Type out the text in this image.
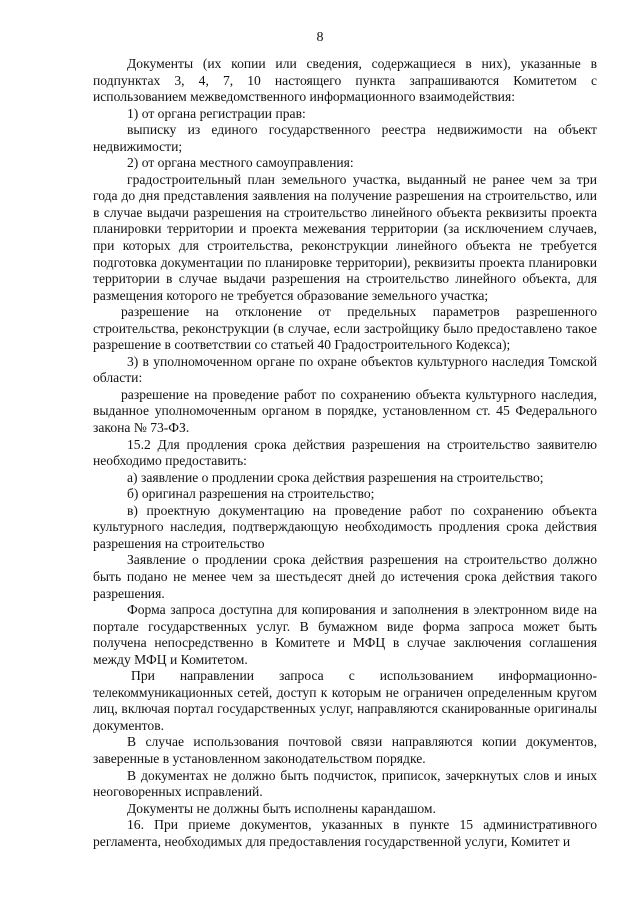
8

Документы (их копии или сведения, содержащиеся в них), указанные в подпунктах 3, 4, 7, 10 настоящего пункта запрашиваются Комитетом с использованием межведомственного информационного взаимодействия:

1) от органа регистрации прав:

выписку из единого государственного реестра недвижимости на объект недвижимости;

2) от органа местного самоуправления:

градостроительный план земельного участка, выданный не ранее чем за три года до дня представления заявления на получение разрешения на строительство, или в случае выдачи разрешения на строительство линейного объекта реквизиты проекта планировки территории и проекта межевания территории (за исключением случаев, при которых для строительства, реконструкции линейного объекта не требуется подготовка документации по планировке территории), реквизиты проекта планировки территории в случае выдачи разрешения на строительство линейного объекта, для размещения которого не требуется образование земельного участка;

разрешение на отклонение от предельных параметров разрешенного строительства, реконструкции (в случае, если застройщику было предоставлено такое разрешение в соответствии со статьей 40 Градостроительного Кодекса);

3) в уполномоченном органе по охране объектов культурного наследия Томской области:

разрешение на проведение работ по сохранению объекта культурного наследия, выданное уполномоченным органом в порядке, установленном ст. 45 Федерального закона № 73-ФЗ.

15.2 Для продления срока действия разрешения на строительство заявителю необходимо предоставить:

а) заявление о продлении срока действия разрешения на строительство;

б) оригинал разрешения на строительство;

в) проектную документацию на проведение работ по сохранению объекта культурного наследия, подтверждающую необходимость продления срока действия разрешения на строительство

Заявление о продлении срока действия разрешения на строительство должно быть подано не менее чем за шестьдесят дней до истечения срока действия такого разрешения.

Форма запроса доступна для копирования и заполнения в электронном виде на портале государственных услуг. В бумажном виде форма запроса может быть получена непосредственно в Комитете и МФЦ в случае заключения соглашения между МФЦ и Комитетом.

При направлении запроса с использованием информационно-телекоммуникационных сетей, доступ к которым не ограничен определенным кругом лиц, включая портал государственных услуг, направляются сканированные оригиналы документов.

В случае использования почтовой связи направляются копии документов, заверенные в установленном законодательством порядке.

В документах не должно быть подчисток, приписок, зачеркнутых слов и иных неоговоренных исправлений.

Документы не должны быть исполнены карандашом.

16. При приеме документов, указанных в пункте 15 административного регламента, необходимых для предоставления государственной услуги, Комитет и
